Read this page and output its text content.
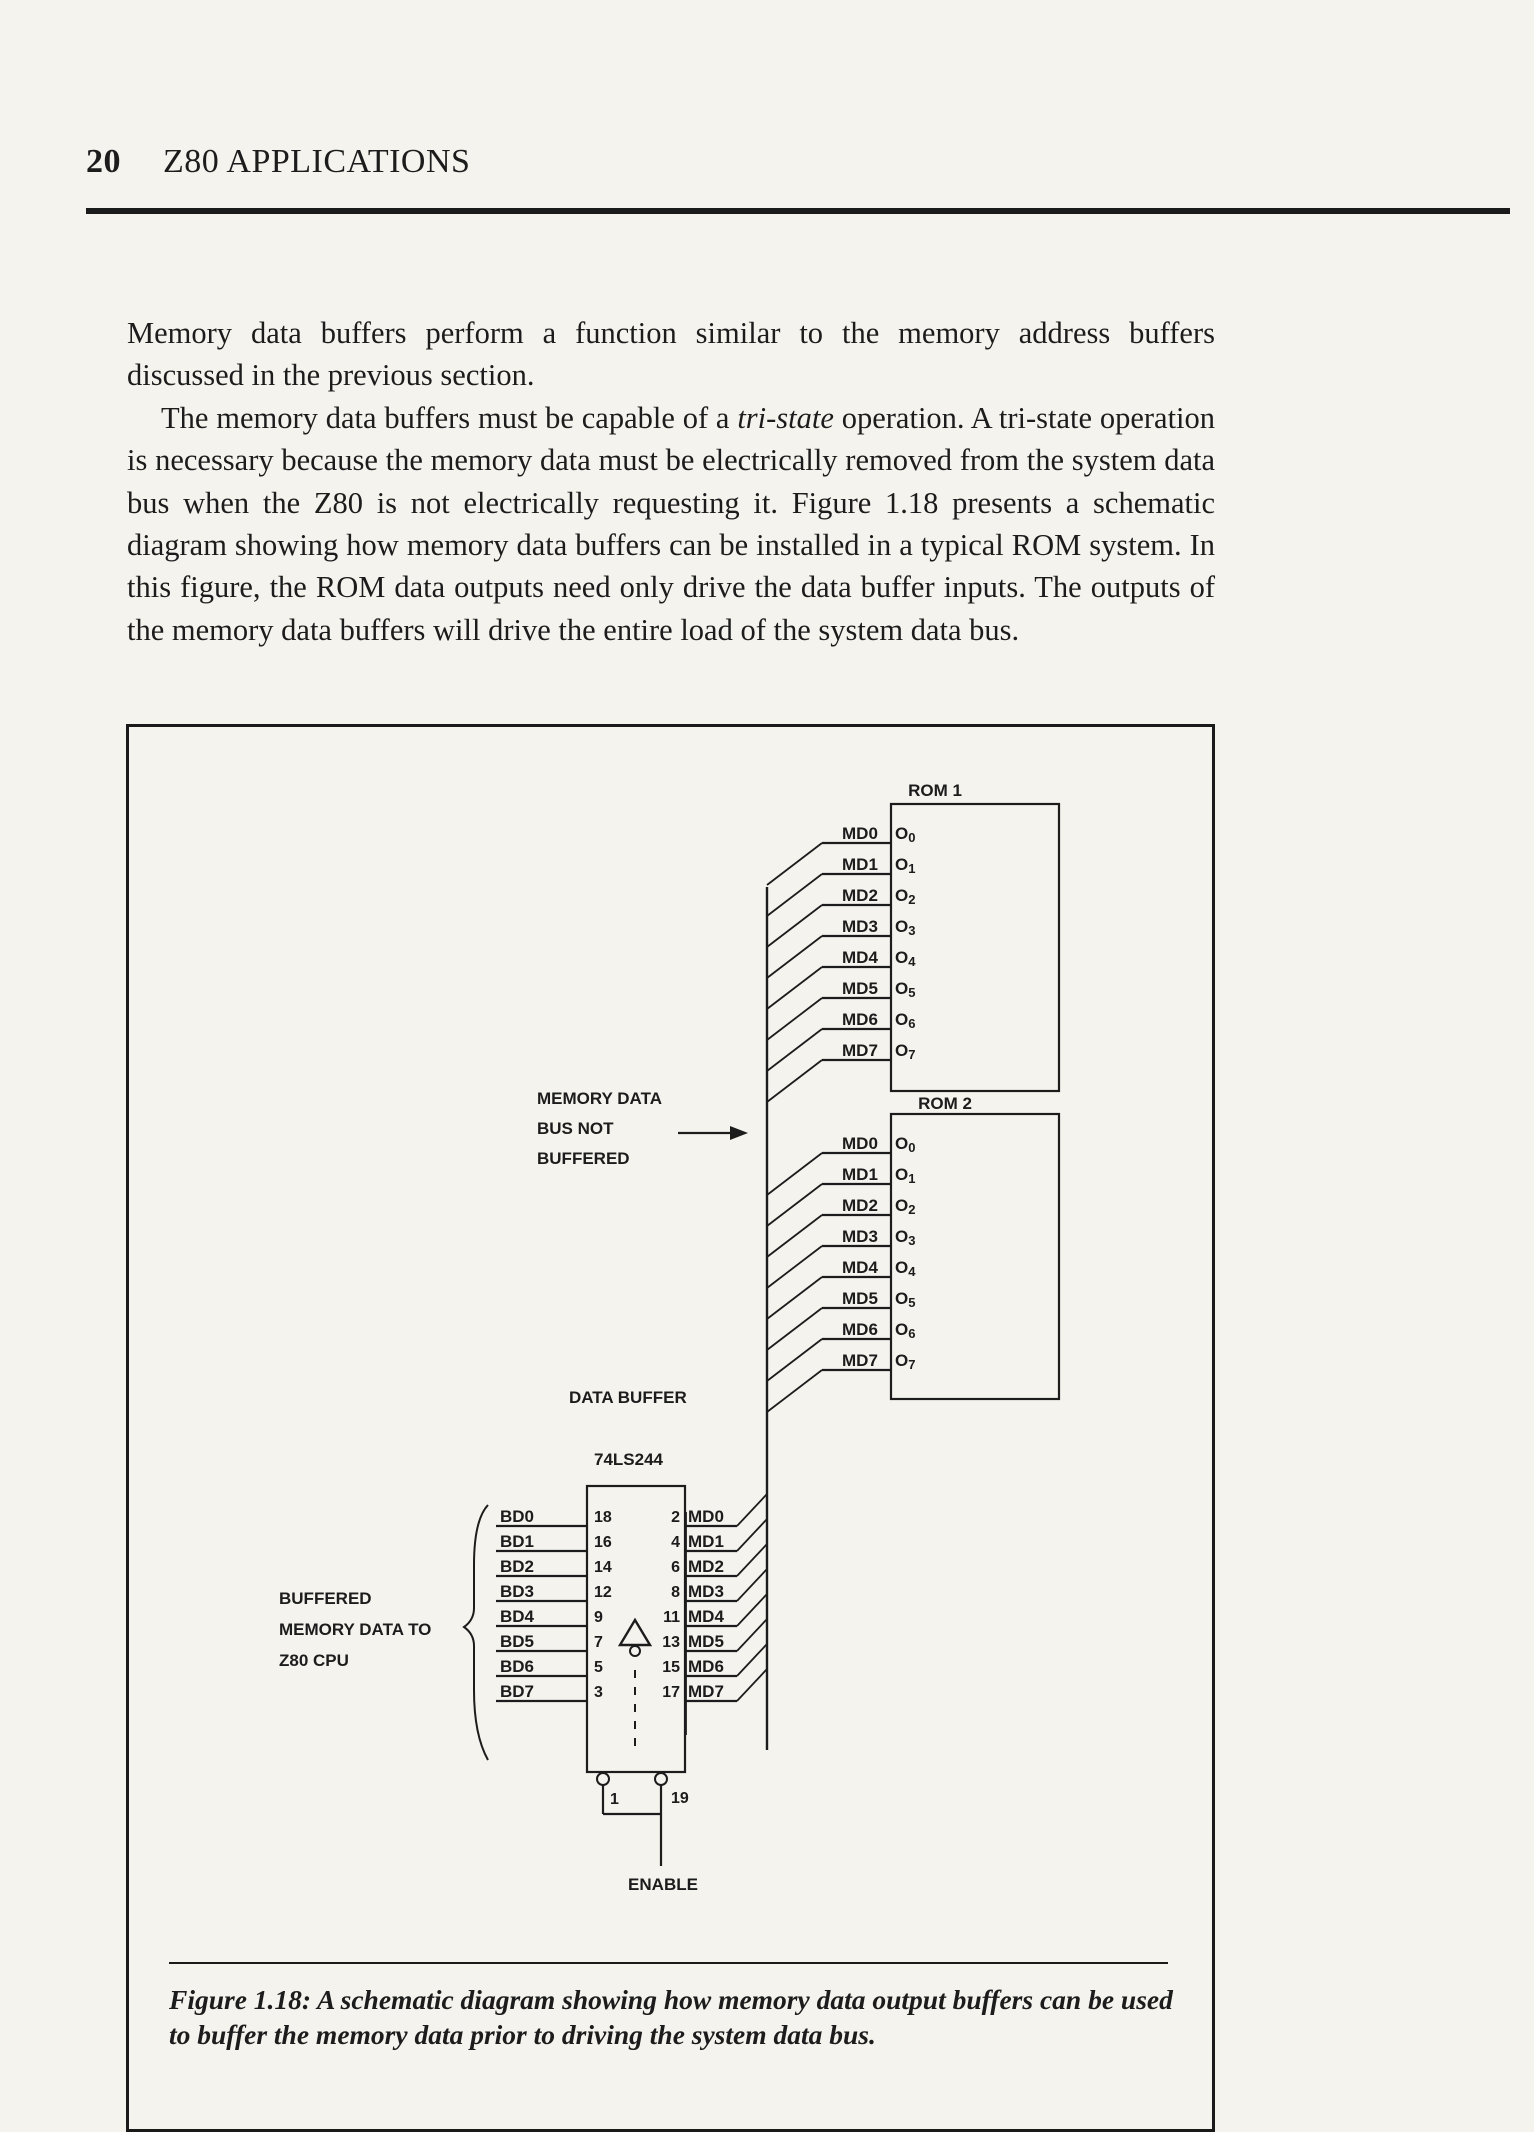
20 Z80 APPLICATIONS

Memory data buffers perform a function similar to the memory address buffers discussed in the previous section.

The memory data buffers must be capable of a tri-state operation. A tri-state operation is necessary because the memory data must be electrically removed from the system data bus when the Z80 is not electrically requesting it. Figure 1.18 presents a schematic diagram showing how memory data buffers can be installed in a typical ROM system. In this figure, the ROM data outputs need only drive the data buffer inputs. The outputs of the memory data buffers will drive the entire load of the system data bus.

ROM 1
MD0 O0
MD1 O1
MD2 O2
MD3 O3
MD4 O4
MD5 O5
MD6 O6
MD7 O7
ROM 2
MD0 O0
MD1 O1
MD2 O2
MD3 O3
MD4 O4
MD5 O5
MD6 O6
MD7 O7
MEMORY DATA
BUS NOT
BUFFERED
DATA BUFFER
74LS244
BD0	18	2 MD0
BD1	16	4 MD1
BD2	14	6 MD2
BD3	12	8 MD3
BD4	9	11 MD4
BD5	7	13 MD5
BD6	5	15 MD6
BD7	3	17 MD7
1	19
ENABLE
BUFFERED
MEMORY DATA TO
Z80 CPU
Figure 1.18: A schematic diagram showing how memory data output buffers can be used to buffer the memory data prior to driving the system data bus.
